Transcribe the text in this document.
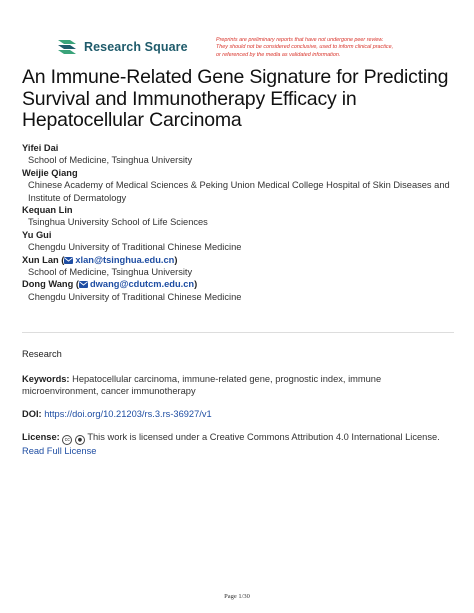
Research Square	Preprints are preliminary reports that have not undergone peer review.
They should not be considered conclusive, used to inform clinical practice,
or referenced by the media as validated information.
An Immune-Related Gene Signature for Predicting
Survival and Immunotherapy Efficacy in
Hepatocellular Carcinoma
Yifei Dai
School of Medicine, Tsinghua University
Weijie Qiang
Chinese Academy of Medical Sciences & Peking Union Medical College Hospital of Skin Diseases and Institute of Dermatology
Kequan Lin
Tsinghua University School of Life Sciences
Yu Gui
Chengdu University of Traditional Chinese Medicine
Xun Lan ( xlan@tsinghua.edu.cn)
School of Medicine, Tsinghua University
Dong Wang ( dwang@cdutcm.edu.cn)
Chengdu University of Traditional Chinese Medicine
Research
Keywords: Hepatocellular carcinoma, immune-related gene, prognostic index, immune microenvironment, cancer immunotherapy
DOI: https://doi.org/10.21203/rs.3.rs-36927/v1
License: cc ● This work is licensed under a Creative Commons Attribution 4.0 International License.
Read Full License
Page 1/30
